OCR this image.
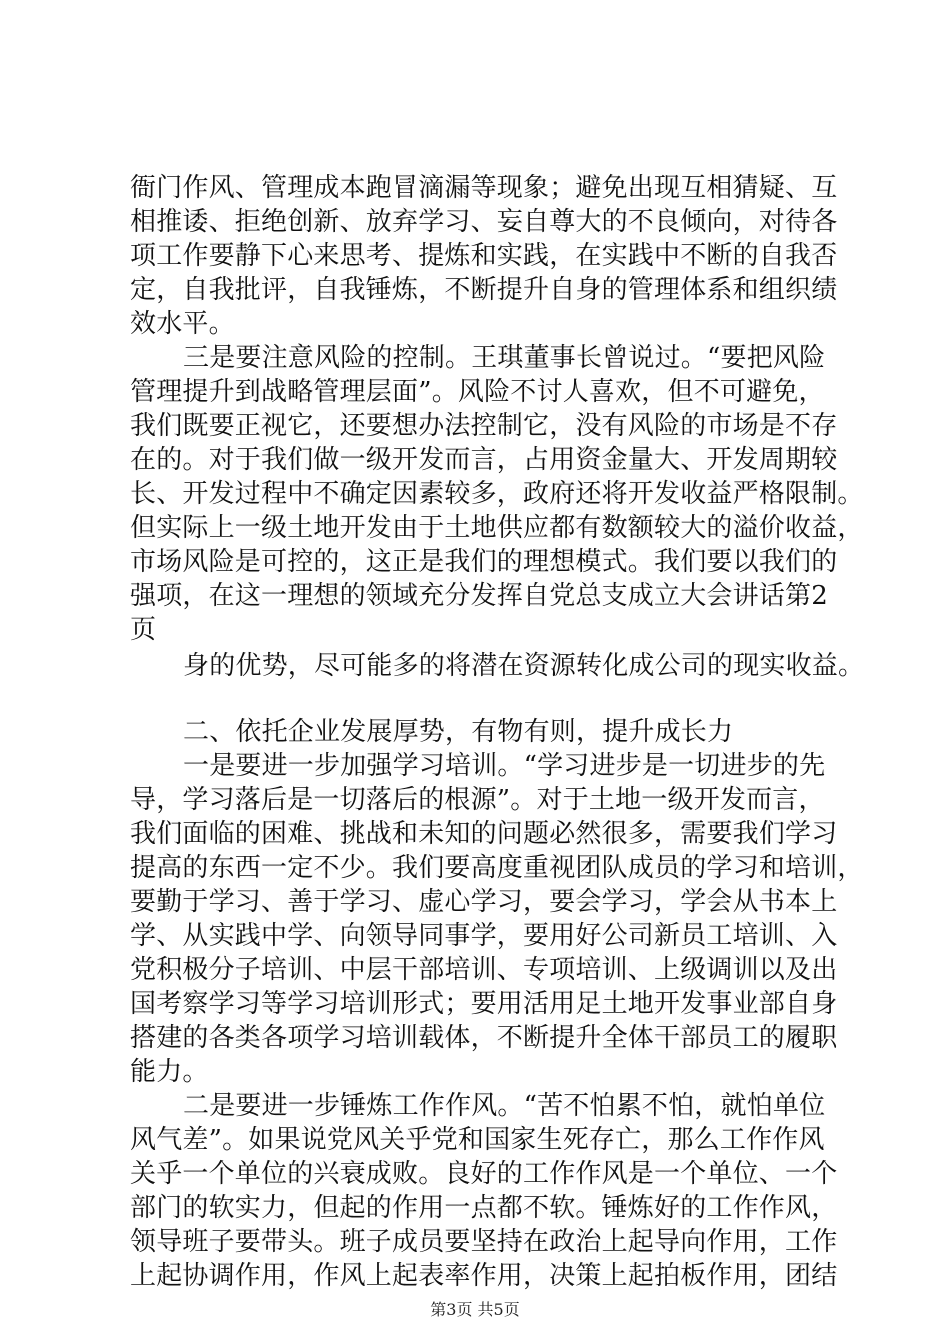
衙门作风、管理成本跑冒滴漏等现象；避免出现互相猜疑、互
相推诿、拒绝创新、放弃学习、妄自尊大的不良倾向，对待各
项工作要静下心来思考、提炼和实践，在实践中不断的自我否
定，自我批评，自我锤炼，不断提升自身的管理体系和组织绩
效水平。
三是要注意风险的控制。王琪董事长曾说过。“要把风险
管理提升到战略管理层面”。风险不讨人喜欢，但不可避免，
我们既要正视它，还要想办法控制它，没有风险的市场是不存
在的。对于我们做一级开发而言，占用资金量大、开发周期较
长、开发过程中不确定因素较多，政府还将开发收益严格限制。
但实际上一级土地开发由于土地供应都有数额较大的溢价收益，
市场风险是可控的，这正是我们的理想模式。我们要以我们的
强项，在这一理想的领域充分发挥自党总支成立大会讲话第2
页
身的优势，尽可能多的将潜在资源转化成公司的现实收益。
二、依托企业发展厚势，有物有则，提升成长力
一是要进一步加强学习培训。“学习进步是一切进步的先
导，学习落后是一切落后的根源”。对于土地一级开发而言，
我们面临的困难、挑战和未知的问题必然很多，需要我们学习
提高的东西一定不少。我们要高度重视团队成员的学习和培训，
要勤于学习、善于学习、虚心学习，要会学习，学会从书本上
学、从实践中学、向领导同事学，要用好公司新员工培训、入
党积极分子培训、中层干部培训、专项培训、上级调训以及出
国考察学习等学习培训形式；要用活用足土地开发事业部自身
搭建的各类各项学习培训载体，不断提升全体干部员工的履职
能力。
二是要进一步锤炼工作作风。“苦不怕累不怕，就怕单位
风气差”。如果说党风关乎党和国家生死存亡，那么工作作风
关乎一个单位的兴衰成败。良好的工作作风是一个单位、一个
部门的软实力，但起的作用一点都不软。锤炼好的工作作风，
领导班子要带头。班子成员要坚持在政治上起导向作用，工作
上起协调作用，作风上起表率作用，决策上起拍板作用，团结
第3页 共5页
